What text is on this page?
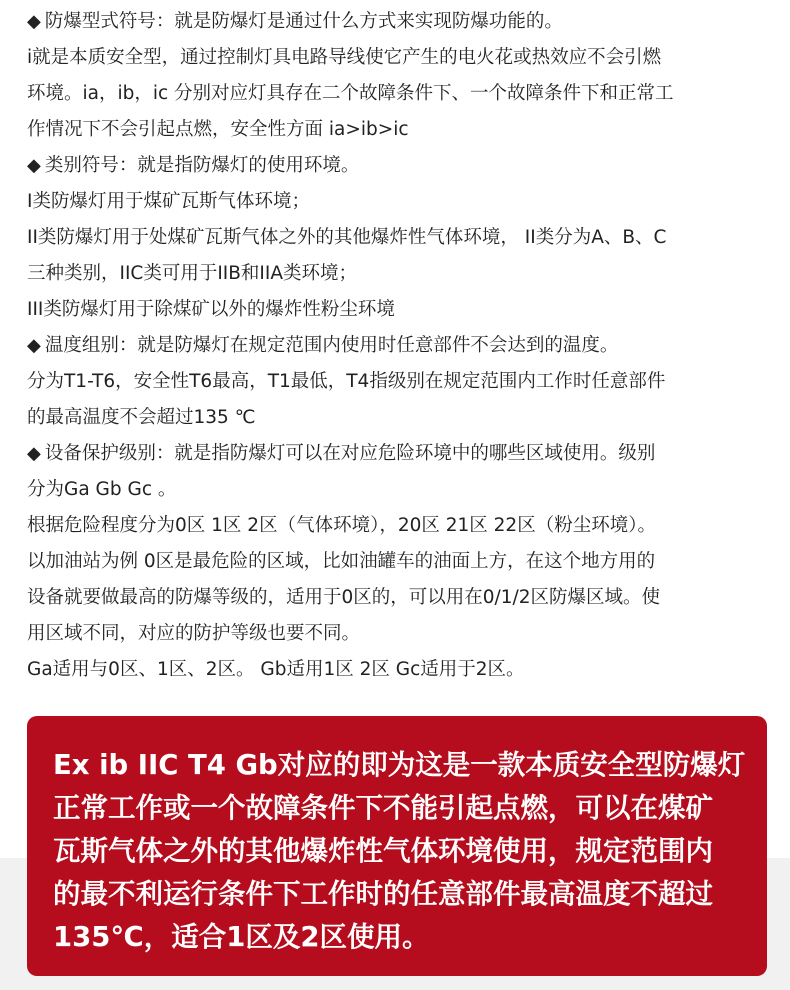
◆ 防爆型式符号：就是防爆灯是通过什么方式来实现防爆功能的。
i就是本质安全型，通过控制灯具电路导线使它产生的电火花或热效应不会引燃
环境。ia，ib，ic 分别对应灯具存在二个故障条件下、一个故障条件下和正常工
作情况下不会引起点燃，安全性方面 ia>ib>ic
◆ 类别符号：就是指防爆灯的使用环境。
I类防爆灯用于煤矿瓦斯气体环境；
II类防爆灯用于处煤矿瓦斯气体之外的其他爆炸性气体环境， II类分为A、B、C
三种类别，IIC类可用于IIB和IIA类环境；
III类防爆灯用于除煤矿以外的爆炸性粉尘环境
◆ 温度组别：就是防爆灯在规定范围内使用时任意部件不会达到的温度。
分为T1-T6，安全性T6最高，T1最低，T4指级别在规定范围内工作时任意部件
的最高温度不会超过135 ℃
◆ 设备保护级别：就是指防爆灯可以在对应危险环境中的哪些区域使用。级别
分为Ga Gb Gc 。
根据危险程度分为0区 1区 2区（气体环境），20区 21区 22区（粉尘环境）。
以加油站为例 0区是最危险的区域，比如油罐车的油面上方，在这个地方用的
设备就要做最高的防爆等级的，适用于0区的，可以用在0/1/2区防爆区域。使
用区域不同，对应的防护等级也要不同。
Ga适用与0区、1区、2区。 Gb适用1区 2区 Gc适用于2区。
Ex ib IIC T4 Gb对应的即为这是一款本质安全型防爆灯
正常工作或一个故障条件下不能引起点燃，可以在煤矿
瓦斯气体之外的其他爆炸性气体环境使用，规定范围内
的最不利运行条件下工作时的任意部件最高温度不超过
135℃，适合1区及2区使用。
